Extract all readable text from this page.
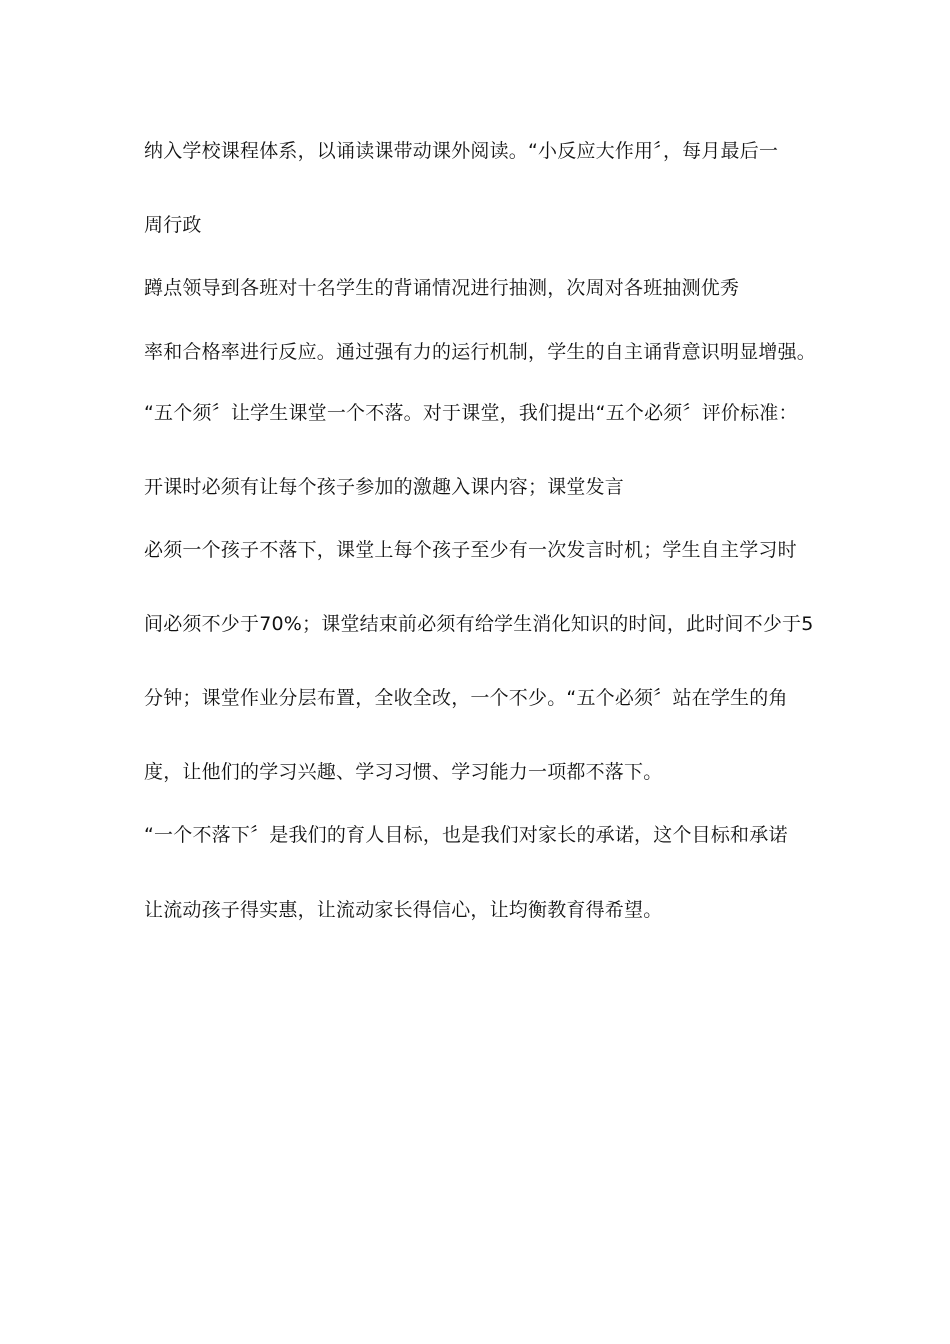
纳入学校课程体系，以诵读课带动课外阅读。“小反应大作用〞，每月最后一

周行政

蹲点领导到各班对十名学生的背诵情况进行抽测，次周对各班抽测优秀

率和合格率进行反应。通过强有力的运行机制，学生的自主诵背意识明显增强。

“五个须〞让学生课堂一个不落。对于课堂，我们提出“五个必须〞评价标准：

开课时必须有让每个孩子参加的激趣入课内容；课堂发言

必须一个孩子不落下，课堂上每个孩子至少有一次发言时机；学生自主学习时

间必须不少于70%；课堂结束前必须有给学生消化知识的时间，此时间不少于5

分钟；课堂作业分层布置，全收全改，一个不少。“五个必须〞站在学生的角

度，让他们的学习兴趣、学习习惯、学习能力一项都不落下。

“一个不落下〞是我们的育人目标，也是我们对家长的承诺，这个目标和承诺

让流动孩子得实惠，让流动家长得信心，让均衡教育得希望。
